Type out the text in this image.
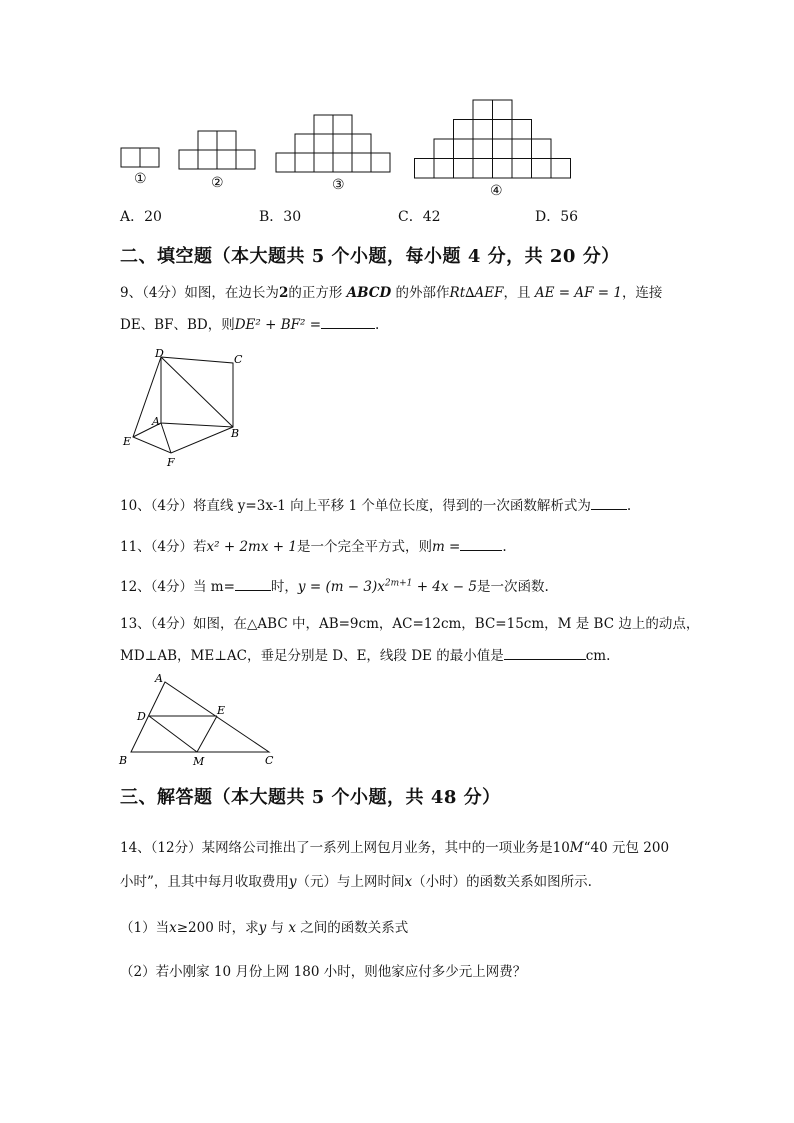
①	②	③	④
A．20	B．30	C．42	D．56
二、填空题（本大题共 5 个小题，每小题 4 分，共 20 分）
9、（4分）如图，在边长为2的正方形 ABCD 的外部作Rt∆AEF，且 AE = AF = 1，连接
DE、BF、BD，则DE² + BF² =	.
D	C
A
B
E
F
10、（4分）将直线 y=3x-1 向上平移 1 个单位长度，得到的一次函数解析式为	.
11、（4分）若x² + 2mx + 1是一个完全平方式，则m =	.
12、（4分）当 m=	时，$y = (m - 3)x^{2m+1} + 4x - 5$是一次函数.
13、（4分）如图，在△ABC 中，AB=9cm，AC=12cm，BC=15cm，M 是 BC 边上的动点，
MD⊥AB，ME⊥AC，垂足分别是 D、E，线段 DE 的最小值是	cm.
A
D	E
B	M	C
三、解答题（本大题共 5 个小题，共 48 分）
14、（12分）某网络公司推出了一系列上网包月业务，其中的一项业务是10M“40 元包 200
小时”，且其中每月收取费用y（元）与上网时间x（小时）的函数关系如图所示.
（1）当x≥200 时，求y 与 x 之间的函数关系式
（2）若小刚家 10 月份上网 180 小时，则他家应付多少元上网费？
